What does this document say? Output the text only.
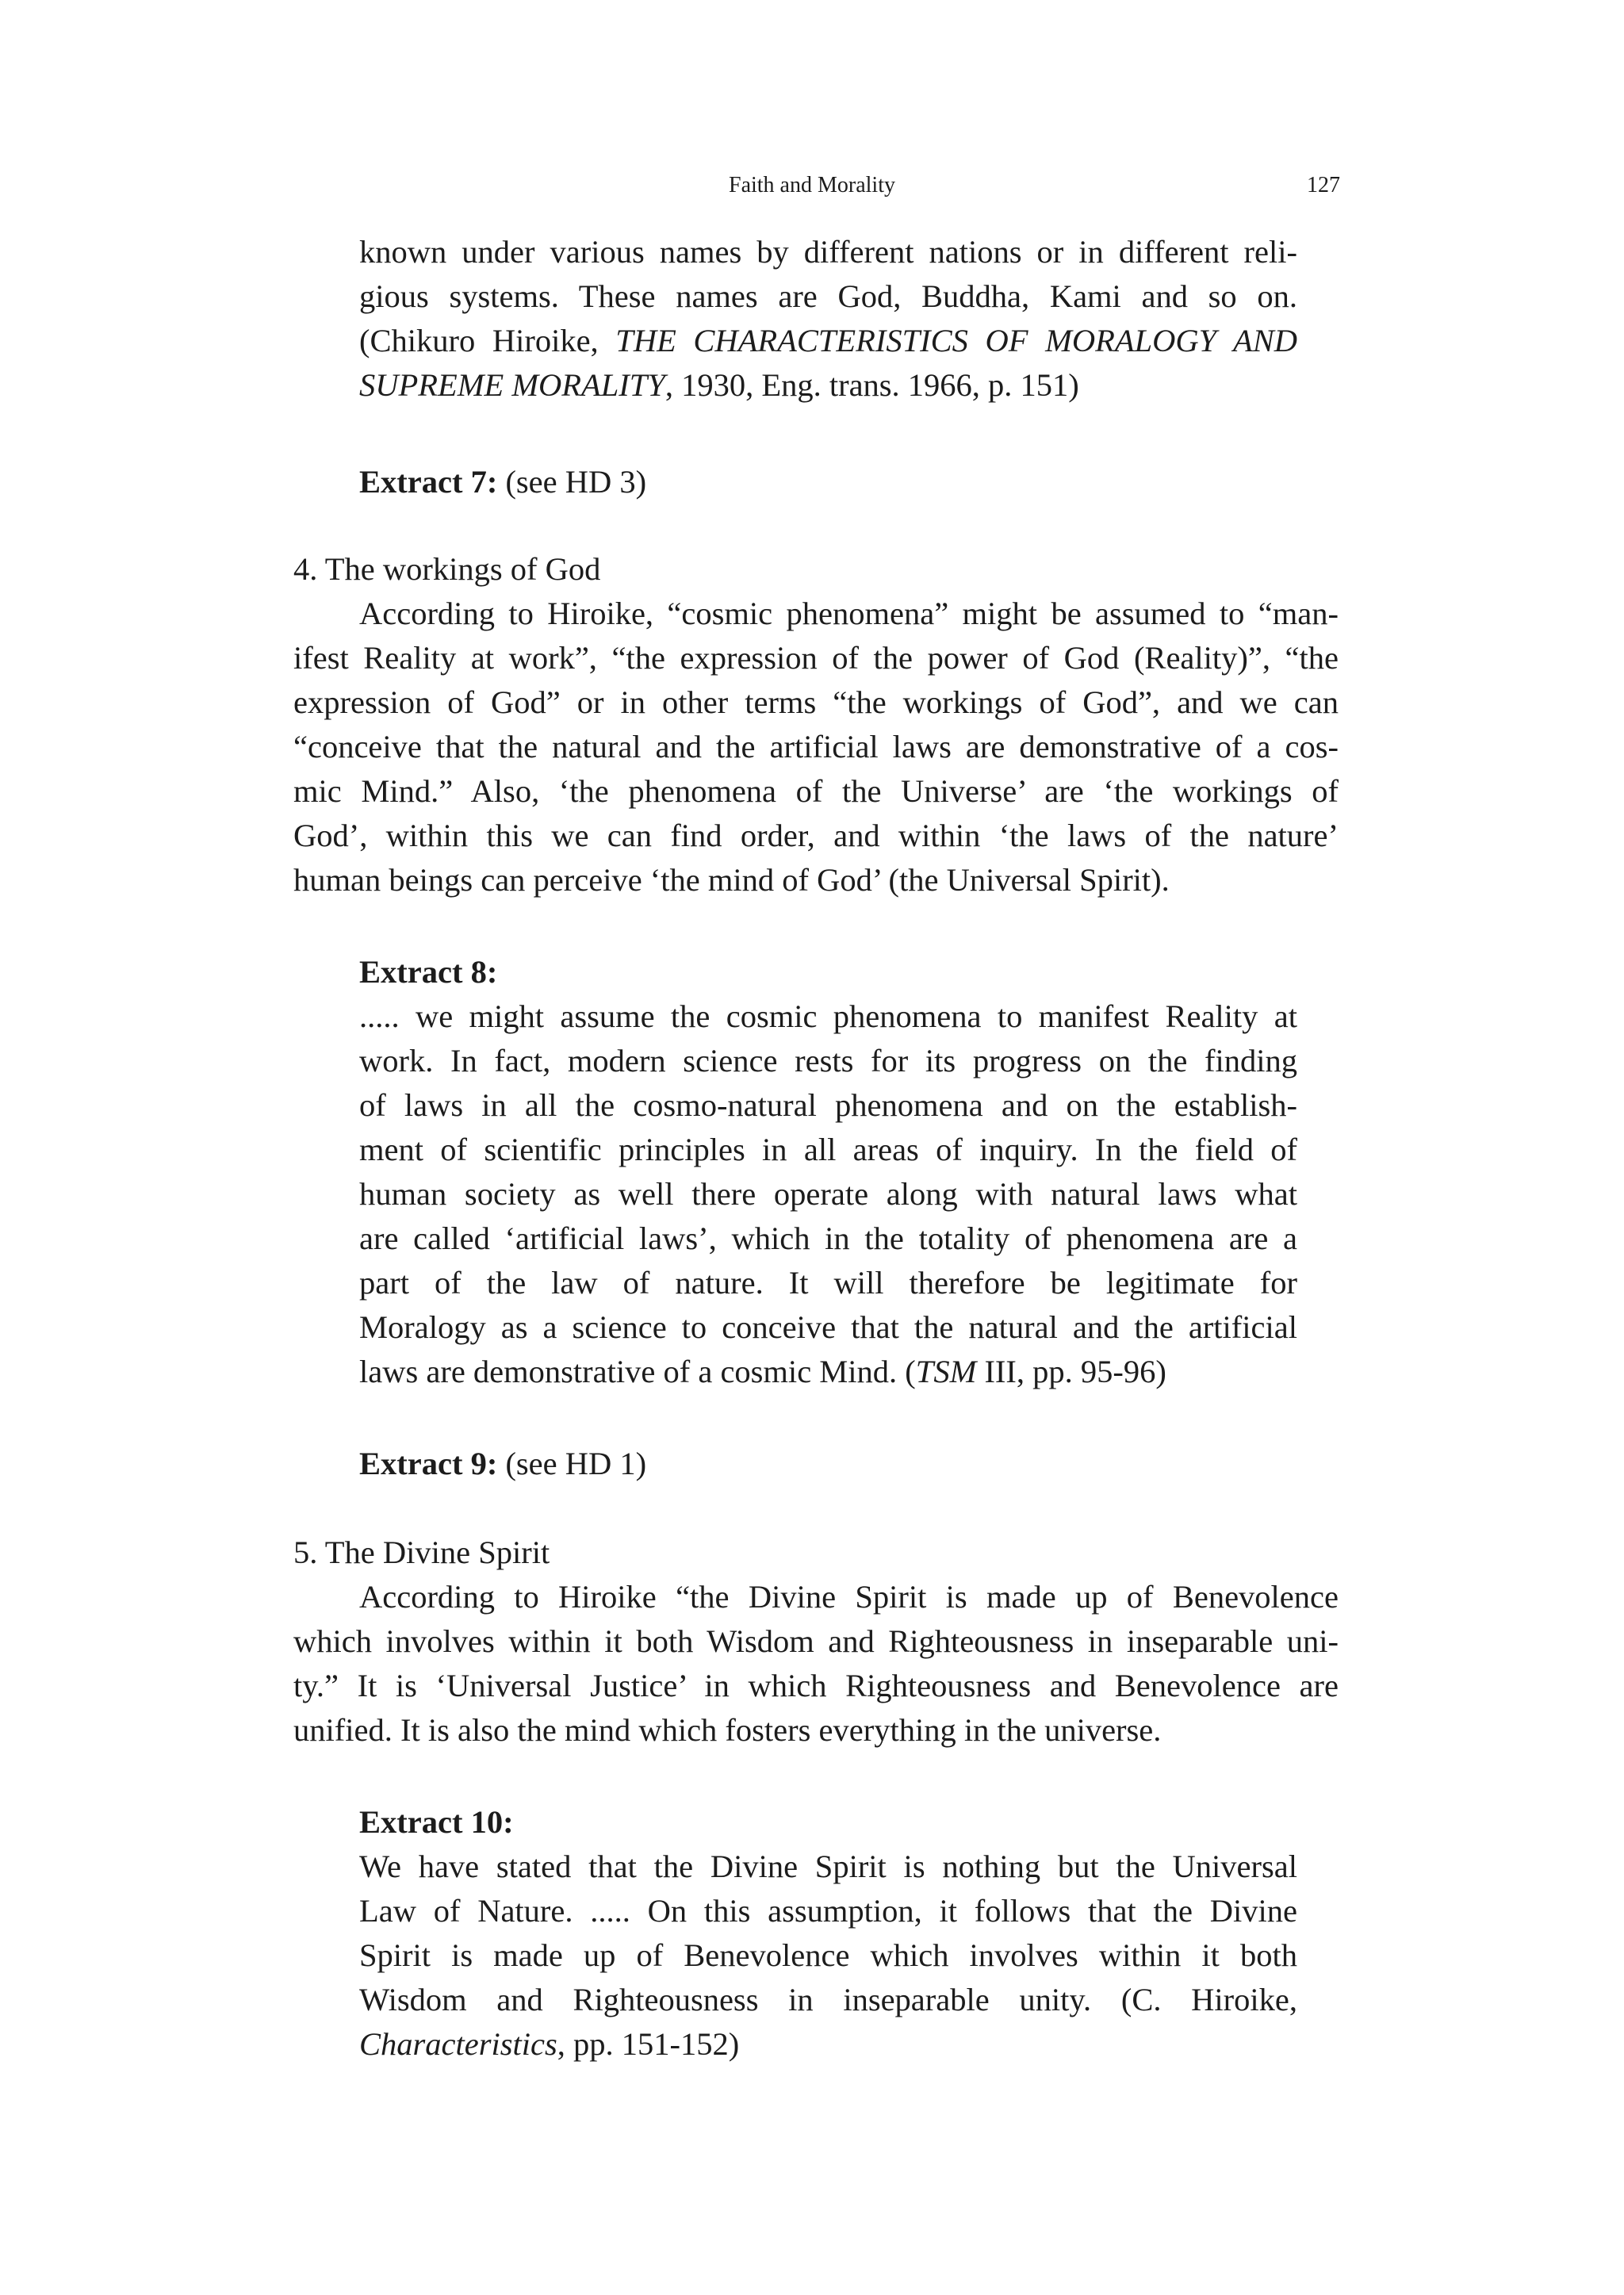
Faith and Morality	127
known under various names by different nations or in different reli-
gious systems. These names are God, Buddha, Kami and so on.
(Chikuro Hiroike, THE CHARACTERISTICS OF MORALOGY AND
SUPREME MORALITY, 1930, Eng. trans. 1966, p. 151)
Extract 7: (see HD 3)
4. The workings of God
According to Hiroike, “cosmic phenomena” might be assumed to “man-
ifest Reality at work”, “the expression of the power of God (Reality)”, “the
expression of God” or in other terms “the workings of God”, and we can
“conceive that the natural and the artificial laws are demonstrative of a cos-
mic Mind.” Also, ‘the phenomena of the Universe’ are ‘the workings of
God’, within this we can find order, and within ‘the laws of the nature’
human beings can perceive ‘the mind of God’ (the Universal Spirit).
Extract 8:
..... we might assume the cosmic phenomena to manifest Reality at
work. In fact, modern science rests for its progress on the finding
of laws in all the cosmo-natural phenomena and on the establish-
ment of scientific principles in all areas of inquiry. In the field of
human society as well there operate along with natural laws what
are called ‘artificial laws’, which in the totality of phenomena are a
part of the law of nature. It will therefore be legitimate for
Moralogy as a science to conceive that the natural and the artificial
laws are demonstrative of a cosmic Mind. (TSM III, pp. 95-96)
Extract 9: (see HD 1)
5. The Divine Spirit
According to Hiroike “the Divine Spirit is made up of Benevolence
which involves within it both Wisdom and Righteousness in inseparable uni-
ty.” It is ‘Universal Justice’ in which Righteousness and Benevolence are
unified. It is also the mind which fosters everything in the universe.
Extract 10:
We have stated that the Divine Spirit is nothing but the Universal
Law of Nature. ..... On this assumption, it follows that the Divine
Spirit is made up of Benevolence which involves within it both
Wisdom and Righteousness in inseparable unity. (C. Hiroike,
Characteristics, pp. 151-152)
